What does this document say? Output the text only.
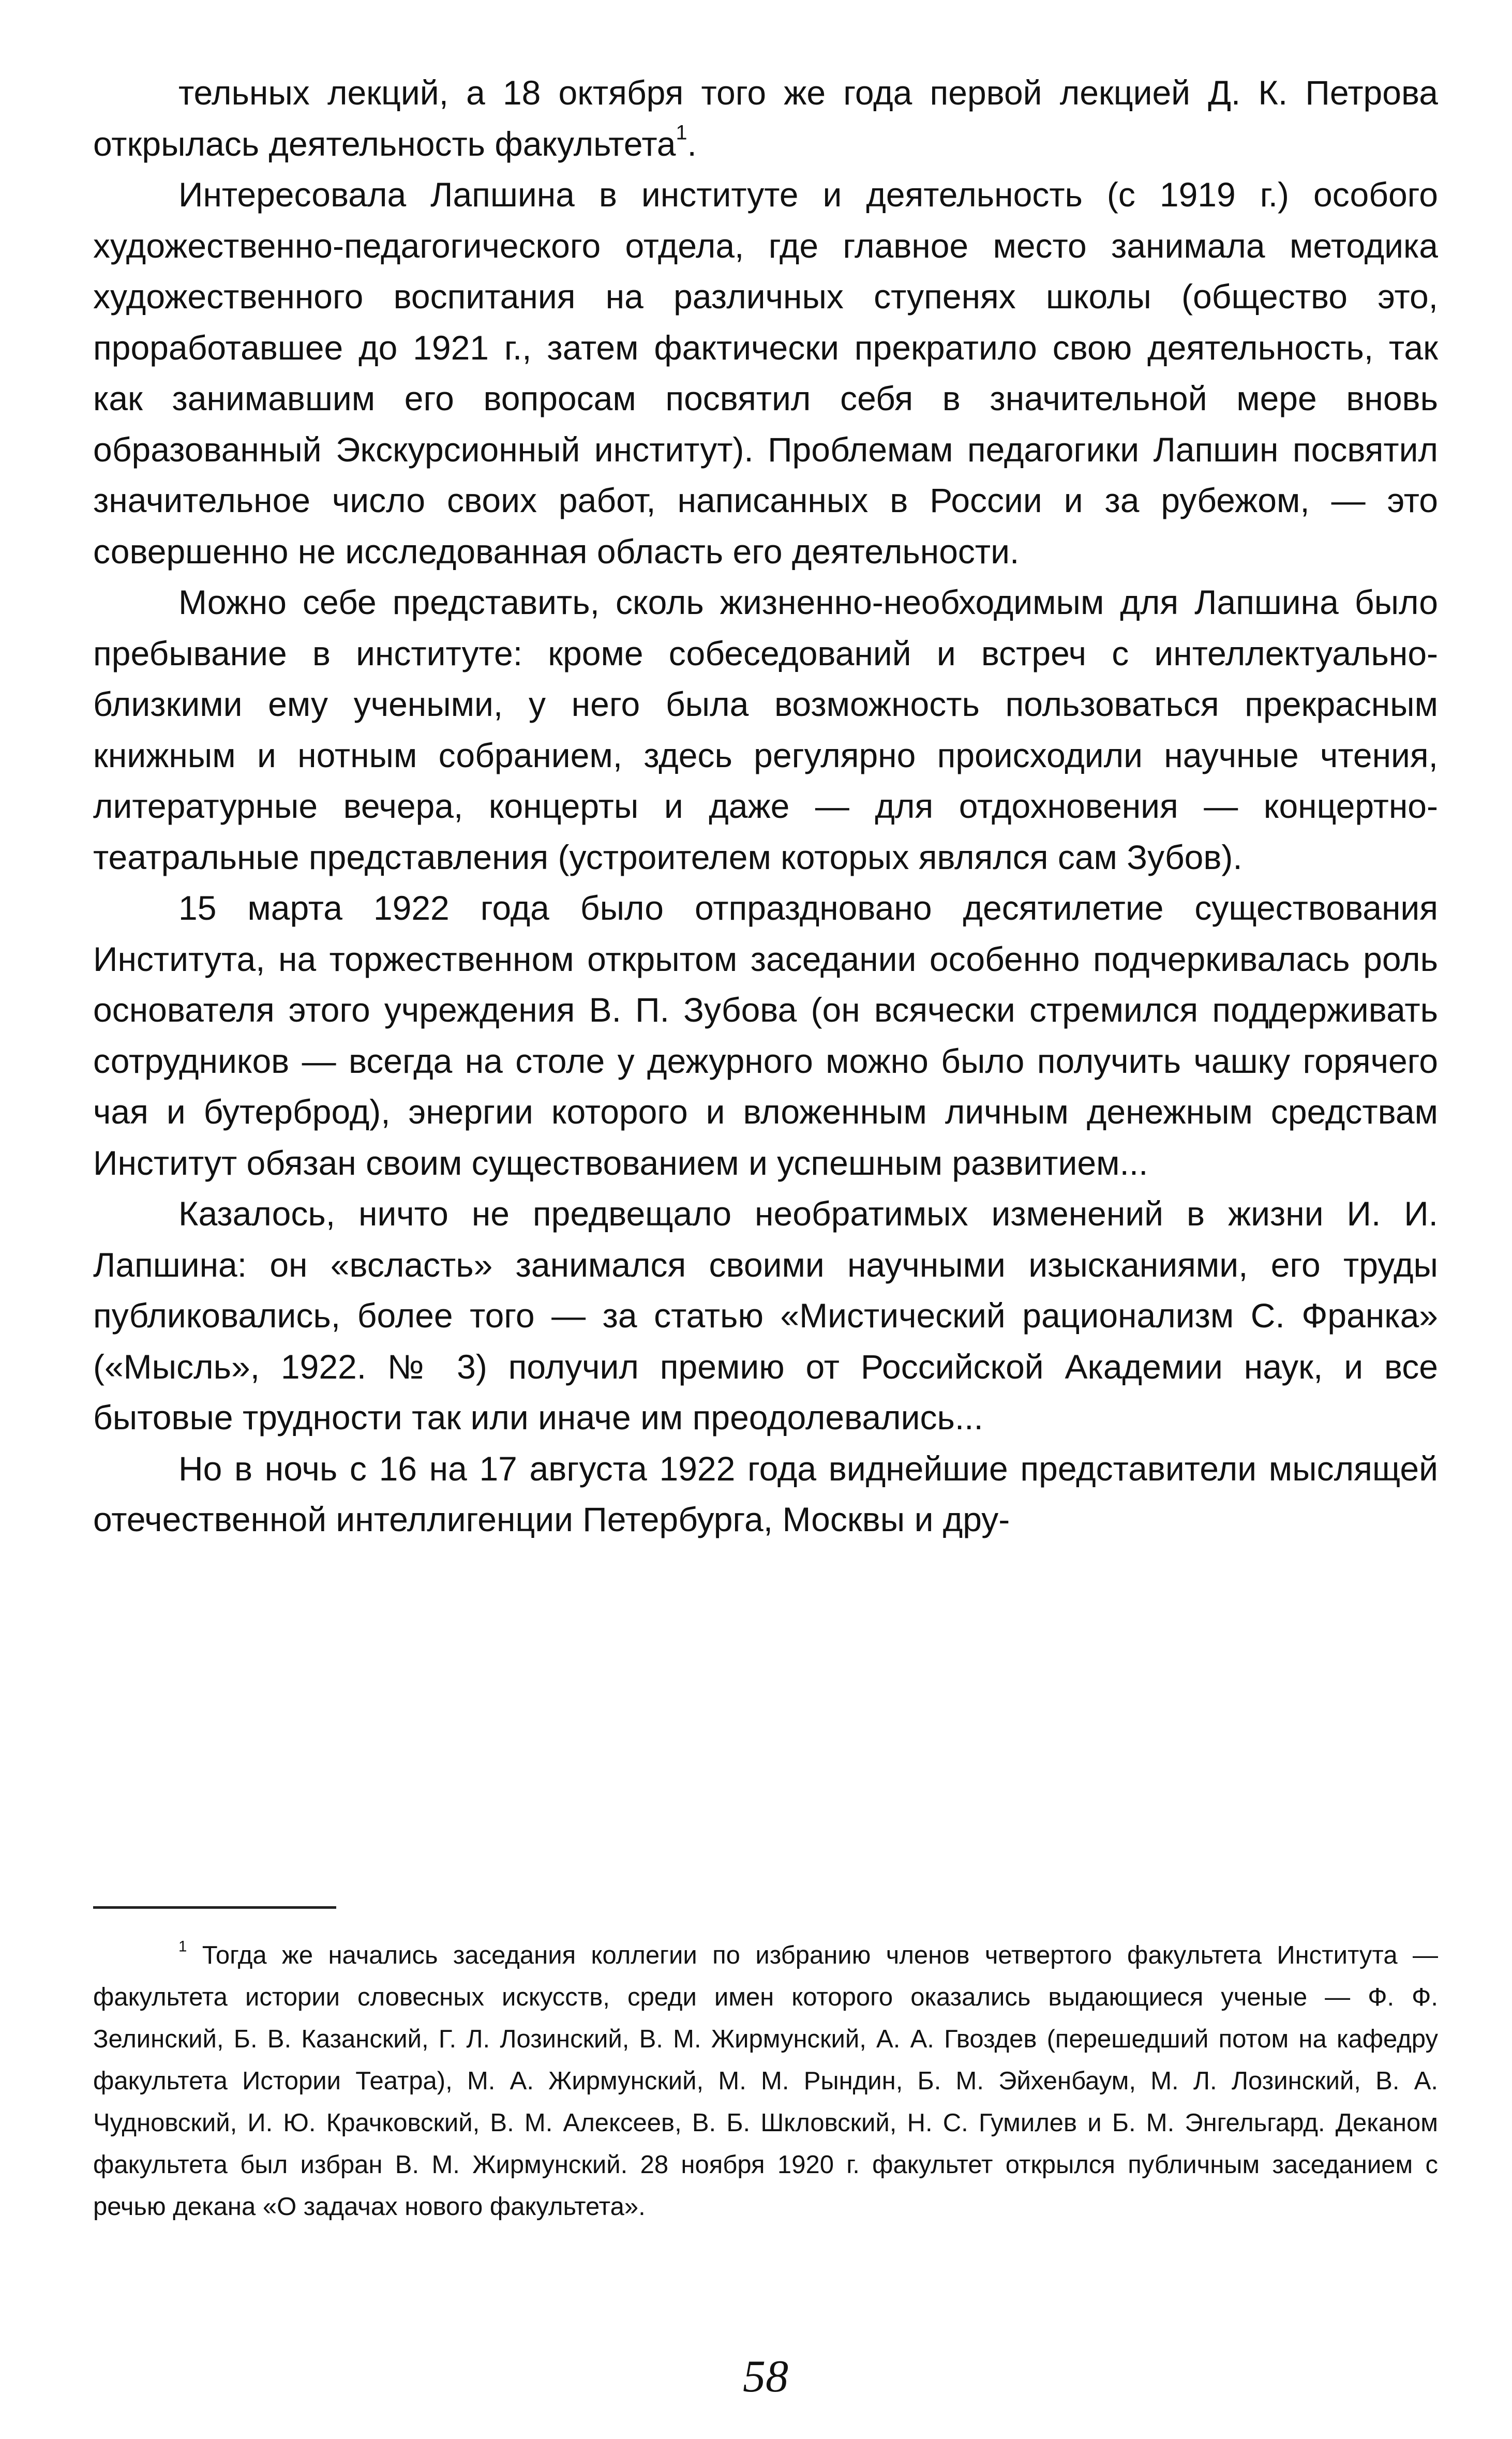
тельных лекций, а 18 октября того же года первой лекцией Д. К. Петрова открылась деятельность факультета$^1$.

Интересовала Лапшина в институте и деятельность (с 1919 г.) особого художественно-педагогического отдела, где главное место занимала методика художественного воспитания на различных ступенях школы (общество это, проработавшее до 1921 г., затем фактически прекратило свою деятельность, так как занимавшим его вопросам посвятил себя в значительной мере вновь образованный Экскурсионный институт). Проблемам педагогики Лапшин посвятил значительное число своих работ, написанных в России и за рубежом, — это совершенно не исследованная область его деятельности.

Можно себе представить, сколь жизненно-необходимым для Лапшина было пребывание в институте: кроме собеседований и встреч с интеллектуально-близкими ему учеными, у него была возможность пользоваться прекрасным книжным и нотным собранием, здесь регулярно происходили научные чтения, литературные вечера, концерты и даже — для отдохновения — концертно-театральные представления (устроителем которых являлся сам Зубов).

15 марта 1922 года было отпраздновано десятилетие существования Института, на торжественном открытом заседании особенно подчеркивалась роль основателя этого учреждения В. П. Зубова (он всячески стремился поддерживать сотрудников — всегда на столе у дежурного можно было получить чашку горячего чая и бутерброд), энергии которого и вложенным личным денежным средствам Институт обязан своим существованием и успешным развитием...

Казалось, ничто не предвещало необратимых изменений в жизни И. И. Лапшина: он «всласть» занимался своими научными изысканиями, его труды публиковались, более того — за статью «Мистический рационализм С. Франка» («Мысль», 1922. № 3) получил премию от Российской Академии наук, и все бытовые трудности так или иначе им преодолевались...

Но в ночь с 16 на 17 августа 1922 года виднейшие представители мыслящей отечественной интеллигенции Петербурга, Москвы и дру-

$^1$ Тогда же начались заседания коллегии по избранию членов четвертого факультета Института — факультета истории словесных искусств, среди имен которого оказались выдающиеся ученые — Ф. Ф. Зелинский, Б. В. Казанский, Г. Л. Лозинский, В. М. Жирмунский, А. А. Гвоздев (перешедший потом на кафедру факультета Истории Театра), М. А. Жирмунский, М. М. Рындин, Б. М. Эйхенбаум, М. Л. Лозинский, В. А. Чудновский, И. Ю. Крачковский, В. М. Алексеев, В. Б. Шкловский, Н. С. Гумилев и Б. М. Энгельгард. Деканом факультета был избран В. М. Жирмунский. 28 ноября 1920 г. факультет открылся публичным заседанием с речью декана «О задачах нового факультета».

58
